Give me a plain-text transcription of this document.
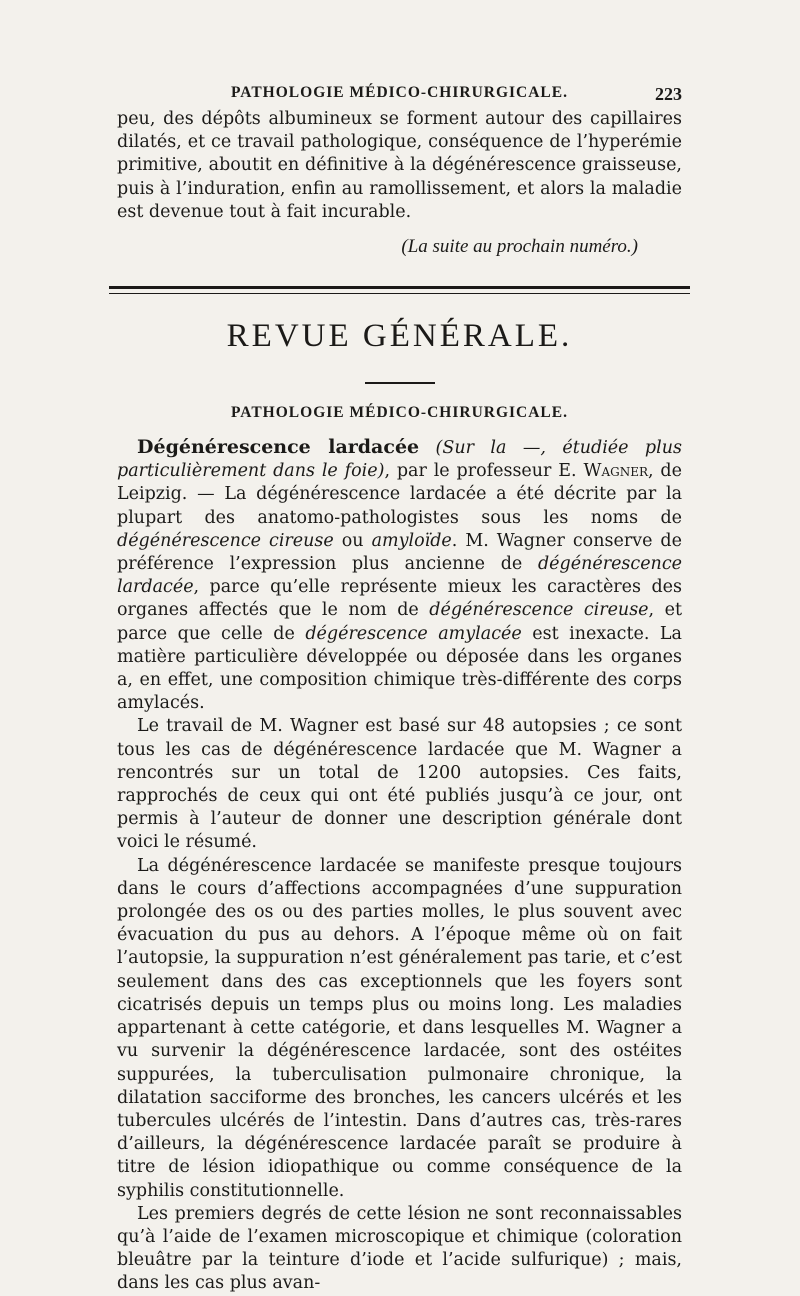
PATHOLOGIE MÉDICO-CHIRURGICALE.	223

peu, des dépôts albumineux se forment autour des capillaires dilatés, et ce travail pathologique, conséquence de l’hyperémie primitive, aboutit en définitive à la dégénérescence graisseuse, puis à l’induration, enfin au ramollissement, et alors la maladie est devenue tout à fait incurable.

(La suite au prochain numéro.)
REVUE GÉNÉRALE.
PATHOLOGIE MÉDICO-CHIRURGICALE.

Dégénérescence lardacée (Sur la —, étudiée plus particulièrement dans le foie), par le professeur E. Wagner, de Leipzig. — La dégénérescence lardacée a été décrite par la plupart des anatomo-pathologistes sous les noms de dégénérescence cireuse ou amyloïde. M. Wagner conserve de préférence l’expression plus ancienne de dégénérescence lardacée, parce qu’elle représente mieux les caractères des organes affectés que le nom de dégénérescence cireuse, et parce que celle de dégérescence amylacée est inexacte. La matière particulière développée ou déposée dans les organes a, en effet, une composition chimique très-différente des corps amylacés.

Le travail de M. Wagner est basé sur 48 autopsies ; ce sont tous les cas de dégénérescence lardacée que M. Wagner a rencontrés sur un total de 1200 autopsies. Ces faits, rapprochés de ceux qui ont été publiés jusqu’à ce jour, ont permis à l’auteur de donner une description générale dont voici le résumé.

La dégénérescence lardacée se manifeste presque toujours dans le cours d’affections accompagnées d’une suppuration prolongée des os ou des parties molles, le plus souvent avec évacuation du pus au dehors. A l’époque même où on fait l’autopsie, la suppuration n’est généralement pas tarie, et c’est seulement dans des cas exceptionnels que les foyers sont cicatrisés depuis un temps plus ou moins long. Les maladies appartenant à cette catégorie, et dans lesquelles M. Wagner a vu survenir la dégénérescence lardacée, sont des ostéites suppurées, la tuberculisation pulmonaire chronique, la dilatation sacciforme des bronches, les cancers ulcérés et les tubercules ulcérés de l’intestin. Dans d’autres cas, très-rares d’ailleurs, la dégénérescence lardacée paraît se produire à titre de lésion idiopathique ou comme conséquence de la syphilis constitutionnelle.

Les premiers degrés de cette lésion ne sont reconnaissables qu’à l’aide de l’examen microscopique et chimique (coloration bleuâtre par la teinture d’iode et l’acide sulfurique) ; mais, dans les cas plus avan-
